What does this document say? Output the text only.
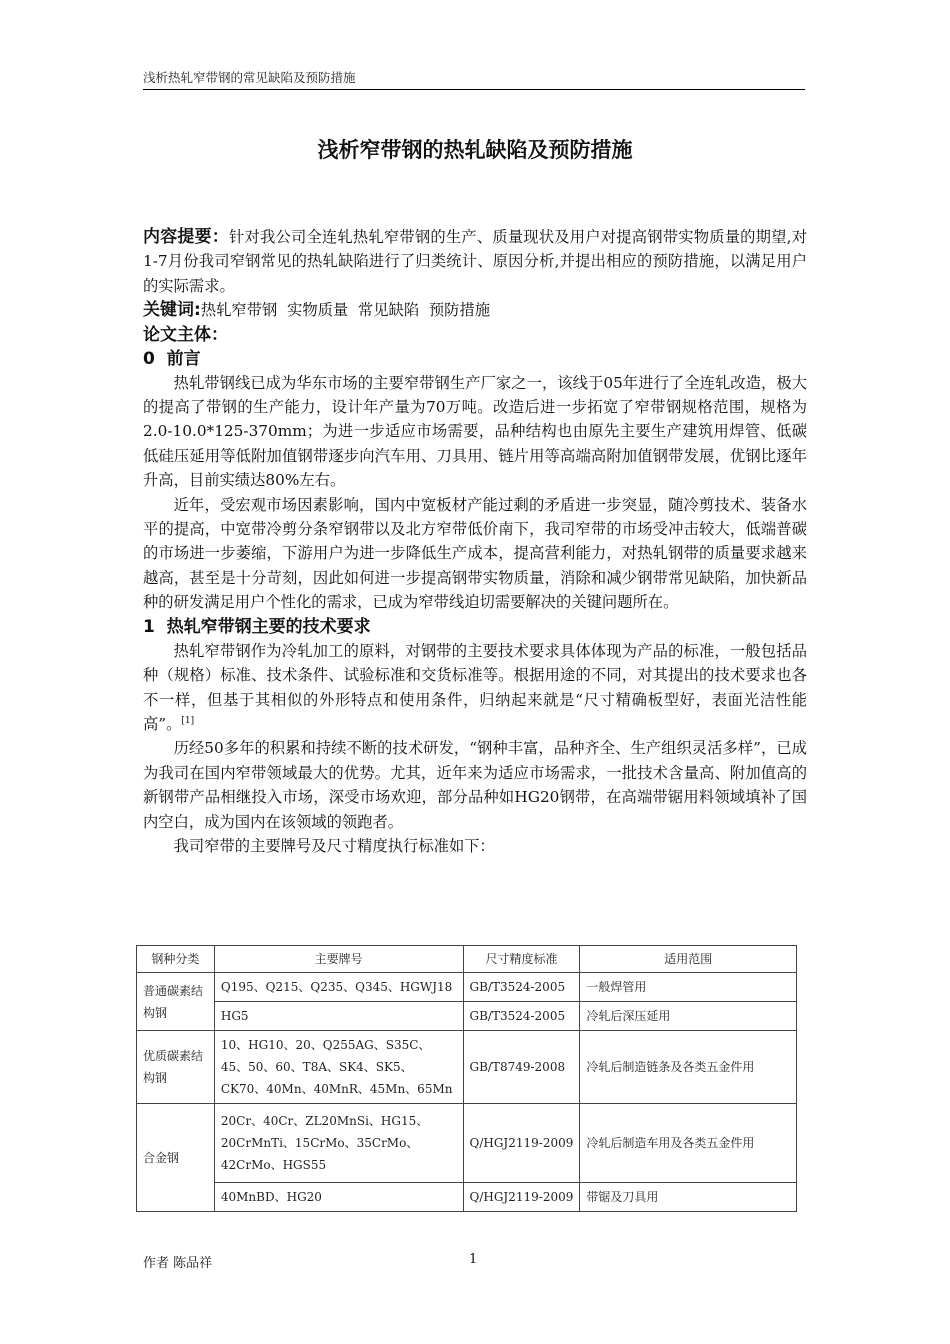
浅析热轧窄带钢的常见缺陷及预防措施
浅析窄带钢的热轧缺陷及预防措施

内容提要：针对我公司全连轧热轧窄带钢的生产、质量现状及用户对提高钢带实物质量的期望,对1-7月份我司窄钢常见的热轧缺陷进行了归类统计、原因分析,并提出相应的预防措施，以满足用户的实际需求。

关键词:热轧窄带钢  实物质量  常见缺陷  预防措施

论文主体：

0  前言

热轧带钢线已成为华东市场的主要窄带钢生产厂家之一，该线于05年进行了全连轧改造，极大的提高了带钢的生产能力，设计年产量为70万吨。改造后进一步拓宽了窄带钢规格范围，规格为2.0-10.0*125-370mm；为进一步适应市场需要，品种结构也由原先主要生产建筑用焊管、低碳低硅压延用等低附加值钢带逐步向汽车用、刀具用、链片用等高端高附加值钢带发展，优钢比逐年升高，目前实绩达80%左右。

近年，受宏观市场因素影响，国内中宽板材产能过剩的矛盾进一步突显，随冷剪技术、装备水平的提高，中宽带冷剪分条窄钢带以及北方窄带低价南下，我司窄带的市场受冲击较大，低端普碳的市场进一步萎缩，下游用户为进一步降低生产成本，提高营利能力，对热轧钢带的质量要求越来越高，甚至是十分苛刻，因此如何进一步提高钢带实物质量，消除和减少钢带常见缺陷，加快新品种的研发满足用户个性化的需求，已成为窄带线迫切需要解决的关键问题所在。

1  热轧窄带钢主要的技术要求

热轧窄带钢作为冷轧加工的原料，对钢带的主要技术要求具体体现为产品的标准，一般包括品种（规格）标准、技术条件、试验标准和交货标准等。根据用途的不同，对其提出的技术要求也各不一样，但基于其相似的外形特点和使用条件，归纳起来就是“尺寸精确板型好，表面光洁性能高”。[1]

历经50多年的积累和持续不断的技术研发，“钢种丰富，品种齐全、生产组织灵活多样”，已成为我司在国内窄带领域最大的优势。尤其，近年来为适应市场需求，一批技术含量高、附加值高的新钢带产品相继投入市场，深受市场欢迎，部分品种如HG20钢带，在高端带锯用料领域填补了国内空白，成为国内在该领域的领跑者。

我司窄带的主要牌号及尺寸精度执行标准如下：

钢种分类	主要牌号	尺寸精度标准	适用范围
普通碳素结构钢	Q195、Q215、Q235、Q345、HGWJ18	GB/T3524-2005	一般焊管用
	HG5	GB/T3524-2005	冷轧后深压延用
优质碳素结构钢	10、HG10、20、Q255AG、S35C、45、50、60、T8A、SK4、SK5、CK70、40Mn、40MnR、45Mn、65Mn	GB/T8749-2008	冷轧后制造链条及各类五金件用
合金钢	20Cr、40Cr、ZL20MnSi、HG15、20CrMnTi、15CrMo、35CrMo、42CrMo、HGS55	Q/HGJ2119-2009	冷轧后制造车用及各类五金件用
	40MnBD、HG20	Q/HGJ2119-2009	带锯及刀具用
作者 陈品祥	1
